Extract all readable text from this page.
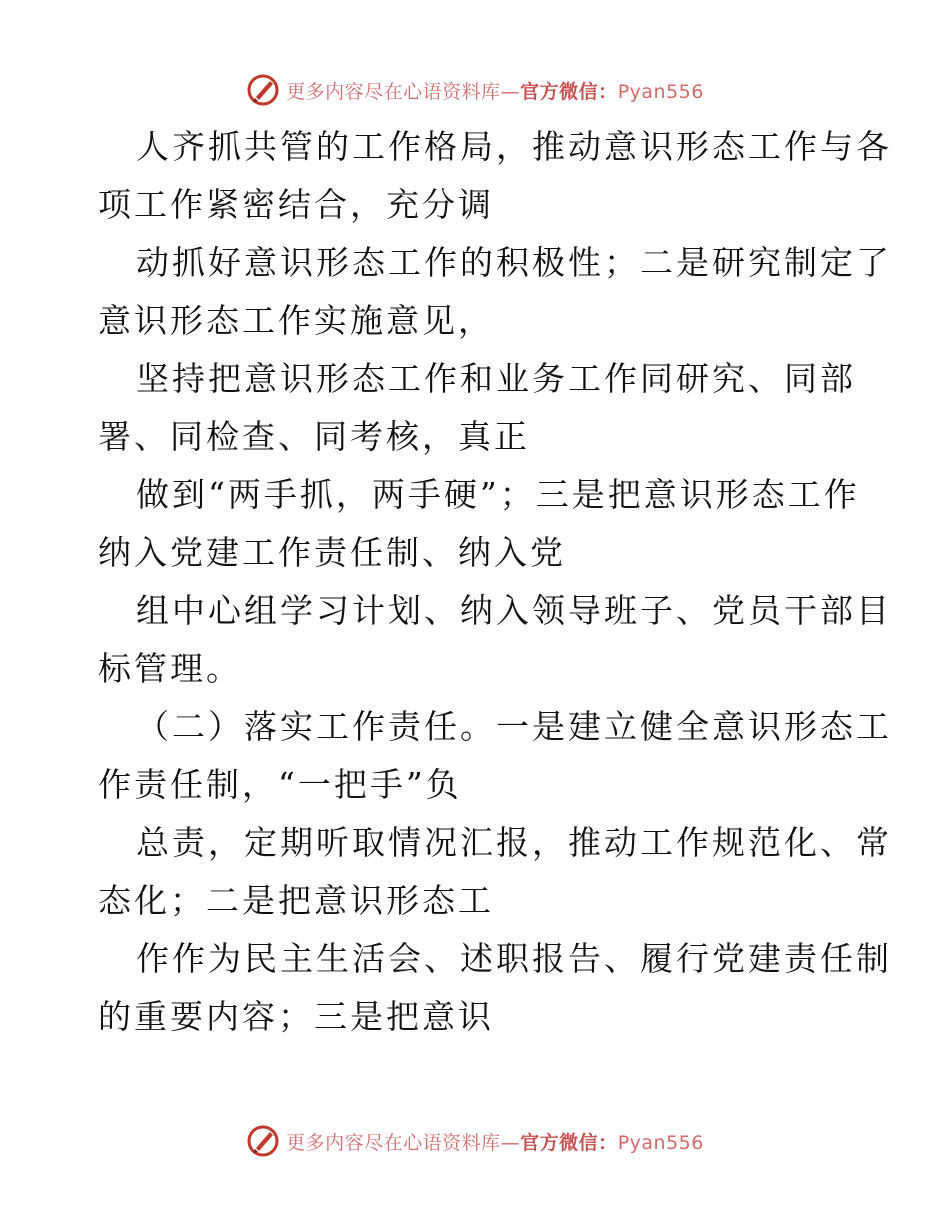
更多内容尽在心语资料库—官方微信：Pyan556

人齐抓共管的工作格局，推动意识形态工作与各
项工作紧密结合，充分调

动抓好意识形态工作的积极性；二是研究制定了
意识形态工作实施意见，

坚持把意识形态工作和业务工作同研究、同部
署、同检查、同考核，真正

做到“两手抓，两手硬”；三是把意识形态工作
纳入党建工作责任制、纳入党

组中心组学习计划、纳入领导班子、党员干部目
标管理。

（二）落实工作责任。一是建立健全意识形态工
作责任制，“一把手”负

总责，定期听取情况汇报，推动工作规范化、常
态化；二是把意识形态工

作作为民主生活会、述职报告、履行党建责任制
的重要内容；三是把意识

更多内容尽在心语资料库—官方微信：Pyan556
